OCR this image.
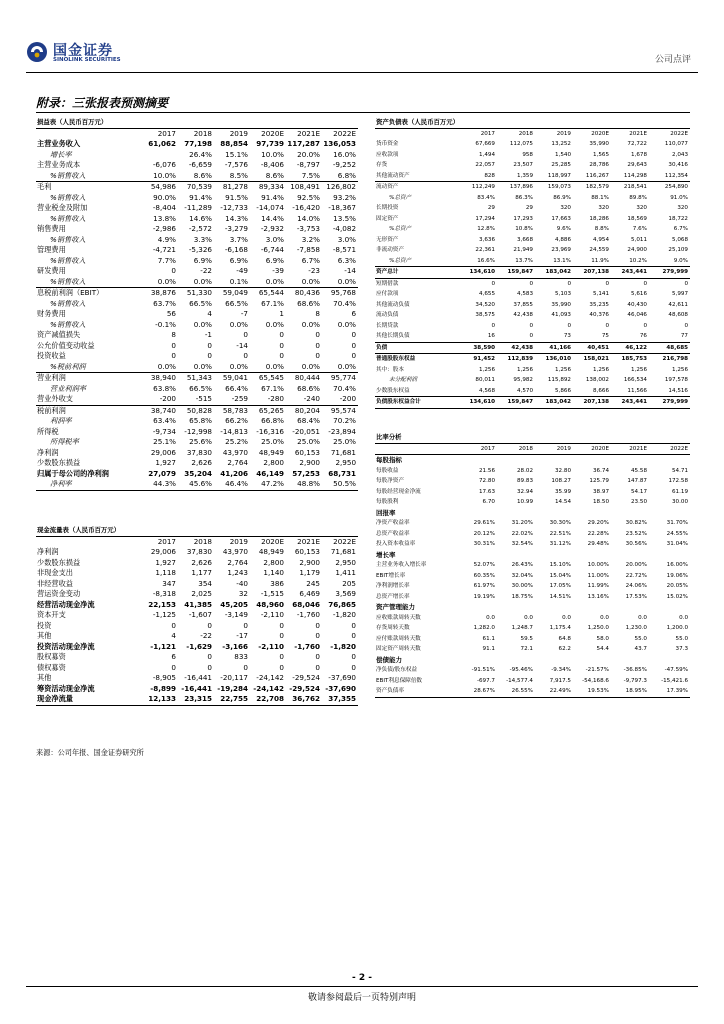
国金证券
SINOLINK SECURITIES	公司点评
附录：三张报表预测摘要
损益表（人民币百万元）						
	2017	2018	2019	2020E	2021E	2022E
主营业务收入	61,062	77,198	88,854	97,739	117,287	136,053
增长率		26.4%	15.1%	10.0%	20.0%	16.0%
主营业务成本	-6,076	-6,659	-7,576	-8,406	-8,797	-9,252
%销售收入	10.0%	8.6%	8.5%	8.6%	7.5%	6.8%
毛利	54,986	70,539	81,278	89,334	108,491	126,802
%销售收入	90.0%	91.4%	91.5%	91.4%	92.5%	93.2%
营业税金及附加	-8,404	-11,289	-12,733	-14,074	-16,420	-18,367
%销售收入	13.8%	14.6%	14.3%	14.4%	14.0%	13.5%
销售费用	-2,986	-2,572	-3,279	-2,932	-3,753	-4,082
%销售收入	4.9%	3.3%	3.7%	3.0%	3.2%	3.0%
管理费用	-4,721	-5,326	-6,168	-6,744	-7,858	-8,571
%销售收入	7.7%	6.9%	6.9%	6.9%	6.7%	6.3%
研发费用	0	-22	-49	-39	-23	-14
%销售收入	0.0%	0.0%	0.1%	0.0%	0.0%	0.0%
息税前利润（EBIT）	38,876	51,330	59,049	65,544	80,436	95,768
%销售收入	63.7%	66.5%	66.5%	67.1%	68.6%	70.4%
财务费用	56	4	-7	1	8	6
%销售收入	-0.1%	0.0%	0.0%	0.0%	0.0%	0.0%
资产减值损失	8	-1	0	0	0	0
公允价值变动收益	0	0	-14	0	0	0
投资收益	0	0	0	0	0	0
%税前利润	0.0%	0.0%	0.0%	0.0%	0.0%	0.0%
营业利润	38,940	51,343	59,041	65,545	80,444	95,774
营业利润率	63.8%	66.5%	66.4%	67.1%	68.6%	70.4%
营业外收支	-200	-515	-259	-280	-240	-200
税前利润	38,740	50,828	58,783	65,265	80,204	95,574
利润率	63.4%	65.8%	66.2%	66.8%	68.4%	70.2%
所得税	-9,734	-12,998	-14,813	-16,316	-20,051	-23,894
所得税率	25.1%	25.6%	25.2%	25.0%	25.0%	25.0%
净利润	29,006	37,830	43,970	48,949	60,153	71,681
少数股东损益	1,927	2,626	2,764	2,800	2,900	2,950
归属于母公司的净利润	27,079	35,204	41,206	46,149	57,253	68,731
净利率	44.3%	45.6%	46.4%	47.2%	48.8%	50.5%
资产负债表（人民币百万元）						
	2017	2018	2019	2020E	2021E	2022E
货币资金	67,669	112,075	13,252	35,990	72,722	110,077
应收款项	1,494	958	1,540	1,565	1,678	2,043
存货	22,057	23,507	25,285	28,786	29,643	30,416
其他流动资产	828	1,359	118,997	116,267	114,298	112,354
流动资产	112,249	137,896	159,073	182,579	218,541	254,890
%总资产	83.4%	86.3%	86.9%	88.1%	89.8%	91.0%
长期投资	29	29	320	320	320	320
固定资产	17,294	17,293	17,663	18,286	18,569	18,722
%总资产	12.8%	10.8%	9.6%	8.8%	7.6%	6.7%
无形资产	3,636	3,668	4,886	4,954	5,011	5,068
非流动资产	22,361	21,949	23,969	24,559	24,900	25,109
%总资产	16.6%	13.7%	13.1%	11.9%	10.2%	9.0%
资产总计	134,610	159,847	183,042	207,138	243,441	279,999
短期借款	0	0	0	0	0	0
应付款项	4,655	4,583	5,103	5,141	5,616	5,997
其他流动负债	34,520	37,855	35,990	35,235	40,430	42,611
流动负债	38,575	42,438	41,093	40,376	46,046	48,608
长期贷款	0	0	0	0	0	0
其他长期负债	16	0	73	75	76	77
负债	38,590	42,438	41,166	40,451	46,122	48,685
普通股股东权益	91,452	112,839	136,010	158,021	185,753	216,798
其中：股本	1,256	1,256	1,256	1,256	1,256	1,256
未分配利润	80,011	95,982	115,892	138,002	166,534	197,578
少数股东权益	4,568	4,570	5,866	8,666	11,566	14,516
负债股东权益合计	134,610	159,847	183,042	207,138	243,441	279,999
比率分析						
	2017	2018	2019	2020E	2021E	2022E
每股指标						
每股收益	21.56	28.02	32.80	36.74	45.58	54.71
每股净资产	72.80	89.83	108.27	125.79	147.87	172.58
每股经营现金净流	17.63	32.94	35.99	38.97	54.17	61.19
每股股利	6.70	10.99	14.54	18.50	23.50	30.00
回报率						
净资产收益率	29.61%	31.20%	30.30%	29.20%	30.82%	31.70%
总资产收益率	20.12%	22.02%	22.51%	22.28%	23.52%	24.55%
投入资本收益率	30.31%	32.54%	31.12%	29.48%	30.56%	31.04%
增长率						
主营业务收入增长率	52.07%	26.43%	15.10%	10.00%	20.00%	16.00%
EBIT增长率	60.35%	32.04%	15.04%	11.00%	22.72%	19.06%
净利润增长率	61.97%	30.00%	17.05%	11.99%	24.06%	20.05%
总资产增长率	19.19%	18.75%	14.51%	13.16%	17.53%	15.02%
资产管理能力						
应收账款周转天数	0.0	0.0	0.0	0.0	0.0	0.0
存货周转天数	1,282.0	1,248.7	1,175.4	1,250.0	1,230.0	1,200.0
应付账款周转天数	61.1	59.5	64.8	58.0	55.0	55.0
固定资产周转天数	91.1	72.1	62.2	54.4	43.7	37.3
偿债能力						
净负债/股东权益	-91.51%	-95.46%	-9.34%	-21.57%	-36.85%	-47.59%
EBIT利息保障倍数	-697.7	-14,577.4	7,917.5	-54,168.6	-9,797.3	-15,421.6
资产负债率	28.67%	26.55%	22.49%	19.53%	18.95%	17.39%
现金流量表（人民币百万元）						
	2017	2018	2019	2020E	2021E	2022E
净利润	29,006	37,830	43,970	48,949	60,153	71,681
少数股东损益	1,927	2,626	2,764	2,800	2,900	2,950
非现金支出	1,118	1,177	1,243	1,140	1,179	1,411
非经营收益	347	354	-40	386	245	205
营运资金变动	-8,318	2,025	32	-1,515	6,469	3,569
经营活动现金净流	22,153	41,385	45,205	48,960	68,046	76,865
资本开支	-1,125	-1,607	-3,149	-2,110	-1,760	-1,820
投资	0	0	0	0	0	0
其他	4	-22	-17	0	0	0
投资活动现金净流	-1,121	-1,629	-3,166	-2,110	-1,760	-1,820
股权募资	6	0	833	0	0	0
债权募资	0	0	0	0	0	0
其他	-8,905	-16,441	-20,117	-24,142	-29,524	-37,690
筹资活动现金净流	-8,899	-16,441	-19,284	-24,142	-29,524	-37,690
现金净流量	12,133	23,315	22,755	22,708	36,762	37,355
来源：公司年报、国金证券研究所
- 2 -
敬请参阅最后一页特别声明
